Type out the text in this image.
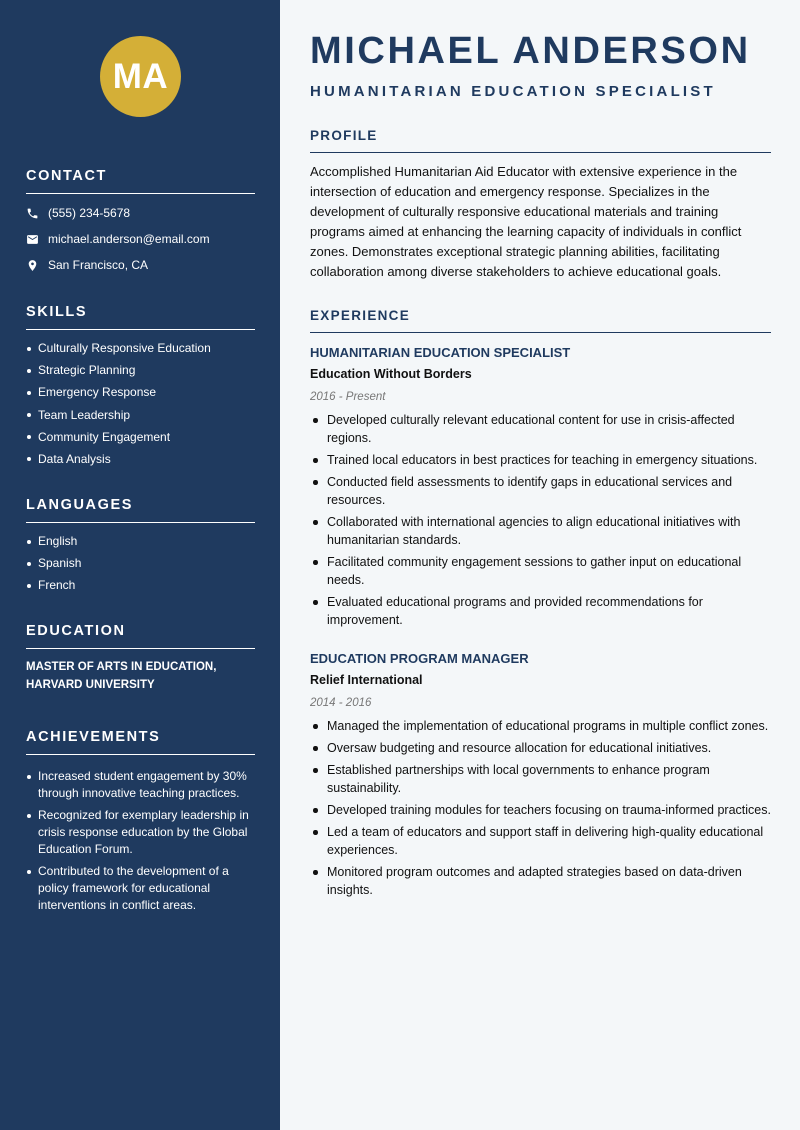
MA
CONTACT
(555) 234-5678
michael.anderson@email.com
San Francisco, CA
SKILLS
Culturally Responsive Education
Strategic Planning
Emergency Response
Team Leadership
Community Engagement
Data Analysis
LANGUAGES
English
Spanish
French
EDUCATION
MASTER OF ARTS IN EDUCATION, HARVARD UNIVERSITY
ACHIEVEMENTS
Increased student engagement by 30% through innovative teaching practices.
Recognized for exemplary leadership in crisis response education by the Global Education Forum.
Contributed to the development of a policy framework for educational interventions in conflict areas.
MICHAEL ANDERSON
HUMANITARIAN EDUCATION SPECIALIST
PROFILE

Accomplished Humanitarian Aid Educator with extensive experience in the intersection of education and emergency response. Specializes in the development of culturally responsive educational materials and training programs aimed at enhancing the learning capacity of individuals in conflict zones. Demonstrates exceptional strategic planning abilities, facilitating collaboration among diverse stakeholders to achieve educational goals.

EXPERIENCE

HUMANITARIAN EDUCATION SPECIALIST

Education Without Borders

2016 - Present

Developed culturally relevant educational content for use in crisis-affected regions.
Trained local educators in best practices for teaching in emergency situations.
Conducted field assessments to identify gaps in educational services and resources.
Collaborated with international agencies to align educational initiatives with humanitarian standards.
Facilitated community engagement sessions to gather input on educational needs.
Evaluated educational programs and provided recommendations for improvement.

EDUCATION PROGRAM MANAGER

Relief International

2014 - 2016

Managed the implementation of educational programs in multiple conflict zones.
Oversaw budgeting and resource allocation for educational initiatives.
Established partnerships with local governments to enhance program sustainability.
Developed training modules for teachers focusing on trauma-informed practices.
Led a team of educators and support staff in delivering high-quality educational experiences.
Monitored program outcomes and adapted strategies based on data-driven insights.
